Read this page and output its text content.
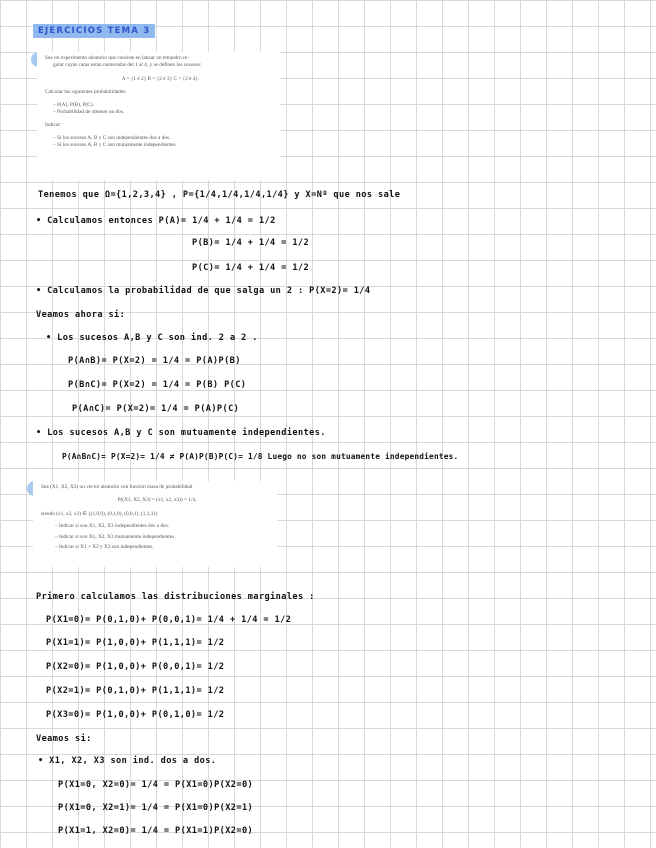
EJERCICIOS TEMA 3
Sea un experimento aleatorio que consiste en lanzar un tetraedro re-
gular cuyas caras están numeradas del 1 al 4, y se definen los sucesos:
A = {1 é 2} B = {2 é 3} C = {2 é 4}.
Calcular las siguientes probabilidades:
– P(A), P(B), P(C).
– Probabilidad de obtener un dos.
Indicar:
– Si los sucesos A, B y C son independientes dos a dos.
– Si los sucesos A, B y C son mutuamente independientes
Tenemos que Ω={1,2,3,4} , P={1/4,1/4,1/4,1/4} y X=Nº que nos sale
• Calculamos entonces P(A)= 1/4 + 1/4 = 1/2
P(B)= 1/4 + 1/4 = 1/2
P(C)= 1/4 + 1/4 = 1/2
• Calculamos la probabilidad de que salga un 2 : P(X=2)= 1/4
Veamos ahora si:
• Los sucesos A,B y C son ind. 2 a 2 .
P(A∩B)= P(X=2) = 1/4 = P(A)P(B)
P(B∩C)= P(X=2) = 1/4 = P(B) P(C)
P(A∩C)= P(X=2)= 1/4 = P(A)P(C)
• Los sucesos A,B y C son mutuamente independientes.
P(A∩B∩C)= P(X=2)= 1/4 ≠ P(A)P(B)P(C)= 1/8 Luego no son mutuamente independientes.
Sea (X1, X2, X3) un vector aleatorio con función masa de probabilidad
P((X1, X2, X3) = (x1, x2, x3)) = 1/4,
siendo (x1, x2, x3) ∈ {(1,0,0), (0,1,0), (0,0,1), (1,1,1)}
– Indicar si son X1, X2, X3 independientes dos a dos.
– Indicar si son X1, X2, X3 mutuamente independientes.
– Indicar si X1 + X2 y X3 son independientes.
Primero calculamos las distribuciones marginales :
P(X1=0)= P(0,1,0)+ P(0,0,1)= 1/4 + 1/4 = 1/2
P(X1=1)= P(1,0,0)+ P(1,1,1)= 1/2
P(X2=0)= P(1,0,0)+ P(0,0,1)= 1/2
P(X2=1)= P(0,1,0)+ P(1,1,1)= 1/2
P(X3=0)= P(1,0,0)+ P(0,1,0)= 1/2
Veamos si:
• X1, X2, X3 son ind. dos a dos.
P(X1=0, X2=0)= 1/4 = P(X1=0)P(X2=0)
P(X1=0, X2=1)= 1/4 = P(X1=0)P(X2=1)
P(X1=1, X2=0)= 1/4 = P(X1=1)P(X2=0)
